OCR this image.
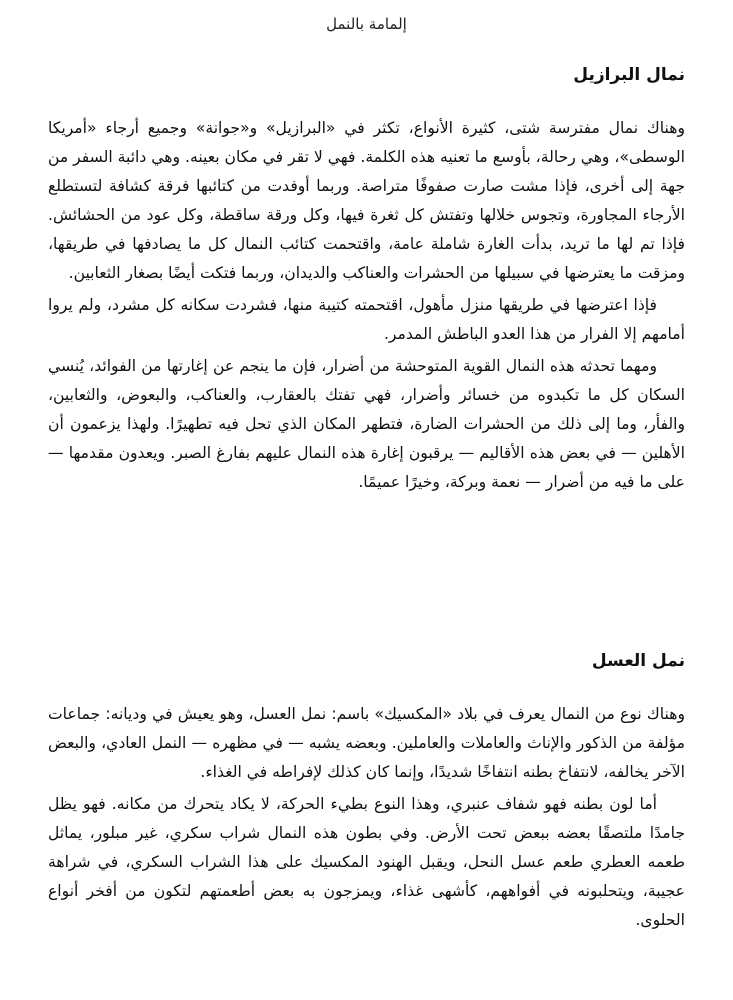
إلمامة بالنمل
نمال البرازيل

وهناك نمال مفترسة شتى، كثيرة الأنواع، تكثر في «البرازيل» و«جوانة» وجميع أرجاء «أمريكا الوسطى»، وهي رحالة، بأوسع ما تعنيه هذه الكلمة. فهي لا تقر في مكان بعينه. وهي دائبة السفر من جهة إلى أخرى، فإذا مشت صارت صفوفًا متراصة. وربما أوفدت من كتائبها فرقة كشافة لتستطلع الأرجاء المجاورة، وتجوس خلالها وتفتش كل ثغرة فيها، وكل ورقة ساقطة، وكل عود من الحشائش. فإذا تم لها ما تريد، بدأت الغارة شاملة عامة، واقتحمت كتائب النمال كل ما يصادفها في طريقها، ومزقت ما يعترضها في سبيلها من الحشرات والعناكب والديدان، وربما فتكت أيضًا بصغار الثعابين.

فإذا اعترضها في طريقها منزل مأهول، اقتحمته كتيبة منها، فشردت سكانه كل مشرد، ولم يروا أمامهم إلا الفرار من هذا العدو الباطش المدمر.

ومهما تحدثه هذه النمال القوية المتوحشة من أضرار، فإن ما ينجم عن إغارتها من الفوائد، يُنسي السكان كل ما تكبدوه من خسائر وأضرار، فهي تفتك بالعقارب، والعناكب، والبعوض، والثعابين، والفأر، وما إلى ذلك من الحشرات الضارة، فتطهر المكان الذي تحل فيه تطهيرًا. ولهذا يزعمون أن الأهلين — في بعض هذه الأقاليم — يرقبون إغارة هذه النمال عليهم بفارغ الصبر. ويعدون مقدمها — على ما فيه من أضرار — نعمة وبركة، وخيرًا عميمًا.

نمل العسل

وهناك نوع من النمال يعرف في بلاد «المكسيك» باسم: نمل العسل، وهو يعيش في وديانه: جماعات مؤلفة من الذكور والإناث والعاملات والعاملين. وبعضه يشبه — في مظهره — النمل العادي، والبعض الآخر يخالفه، لانتفاخ بطنه انتفاخًا شديدًا، وإنما كان كذلك لإفراطه في الغذاء.

أما لون بطنه فهو شفاف عنبري، وهذا النوع بطيء الحركة، لا يكاد يتحرك من مكانه. فهو يظل جامدًا ملتصقًا بعضه ببعض تحت الأرض. وفي بطون هذه النمال شراب سكري، غير مبلور، يماثل طعمه العطري طعم عسل النحل، ويقبل الهنود المكسيك على هذا الشراب السكري، في شراهة عجيبة، ويتحلبونه في أفواههم، كأشهى غذاء، ويمزجون به بعض أطعمتهم لتكون من أفخر أنواع الحلوى.
